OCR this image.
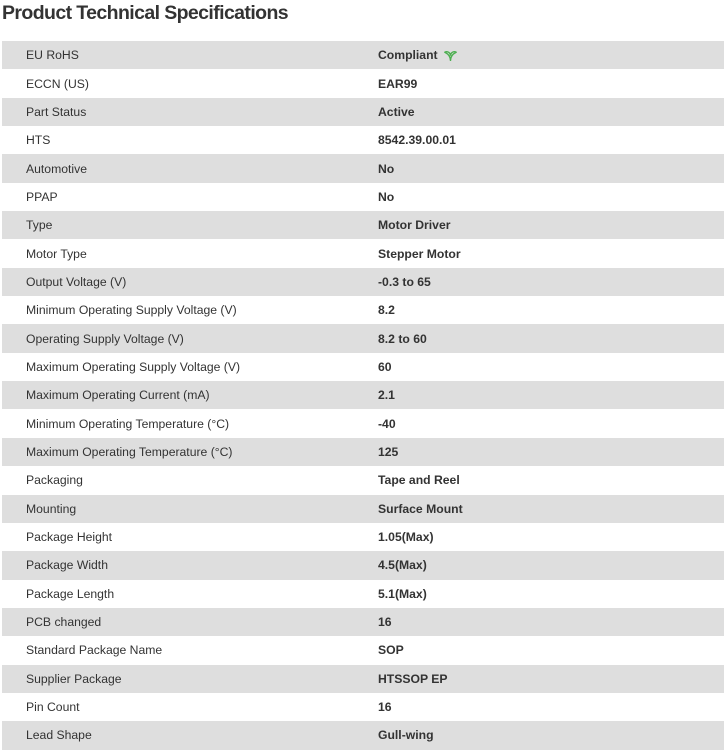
Product Technical Specifications
EU RoHS	Compliant
ECCN (US)	EAR99
Part Status	Active
HTS	8542.39.00.01
Automotive	No
PPAP	No
Type	Motor Driver
Motor Type	Stepper Motor
Output Voltage (V)	-0.3 to 65
Minimum Operating Supply Voltage (V)	8.2
Operating Supply Voltage (V)	8.2 to 60
Maximum Operating Supply Voltage (V)	60
Maximum Operating Current (mA)	2.1
Minimum Operating Temperature (°C)	-40
Maximum Operating Temperature (°C)	125
Packaging	Tape and Reel
Mounting	Surface Mount
Package Height	1.05(Max)
Package Width	4.5(Max)
Package Length	5.1(Max)
PCB changed	16
Standard Package Name	SOP
Supplier Package	HTSSOP EP
Pin Count	16
Lead Shape	Gull-wing
